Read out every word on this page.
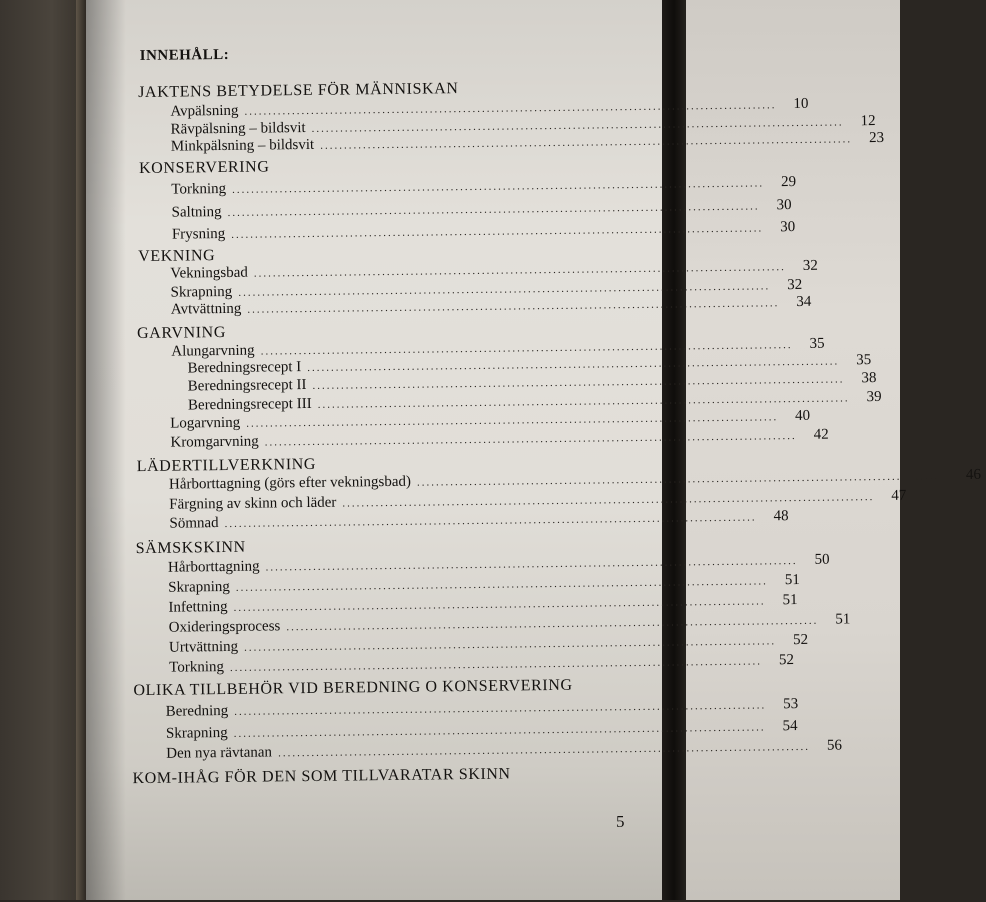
INNEHÅLL:
JAKTENS BETYDELSE FÖR MÄNNISKAN
Avpälsning ................................................................................................................	10
Rävpälsning – bildsvit ................................................................................................................	12
Minkpälsning – bildsvit ................................................................................................................	23
KONSERVERING
Torkning ................................................................................................................	29
Saltning ................................................................................................................	30
Frysning ................................................................................................................	30
VEKNING
Vekningsbad ................................................................................................................	32
Skrapning ................................................................................................................	32
Avtvättning ................................................................................................................	34
GARVNING
Alungarvning ................................................................................................................	35
Beredningsrecept I ................................................................................................................	35
Beredningsrecept II ................................................................................................................	38
Beredningsrecept III ................................................................................................................	39
Logarvning ................................................................................................................	40
Kromgarvning ................................................................................................................	42
LÄDERTILLVERKNING
Hårborttagning (görs efter vekningsbad) ................................................................................................................	46
Färgning av skinn och läder ................................................................................................................	47
Sömnad ................................................................................................................	48
SÄMSKSKINN
Hårborttagning ................................................................................................................	50
Skrapning ................................................................................................................	51
Infettning ................................................................................................................	51
Oxideringsprocess ................................................................................................................	51
Urtvättning ................................................................................................................	52
Torkning ................................................................................................................	52
OLIKA TILLBEHÖR VID BEREDNING O KONSERVERING
Beredning ................................................................................................................	53
Skrapning ................................................................................................................	54
Den nya rävtanan ................................................................................................................	56
KOM-IHÅG FÖR DEN SOM TILLVARATAR SKINN
5
